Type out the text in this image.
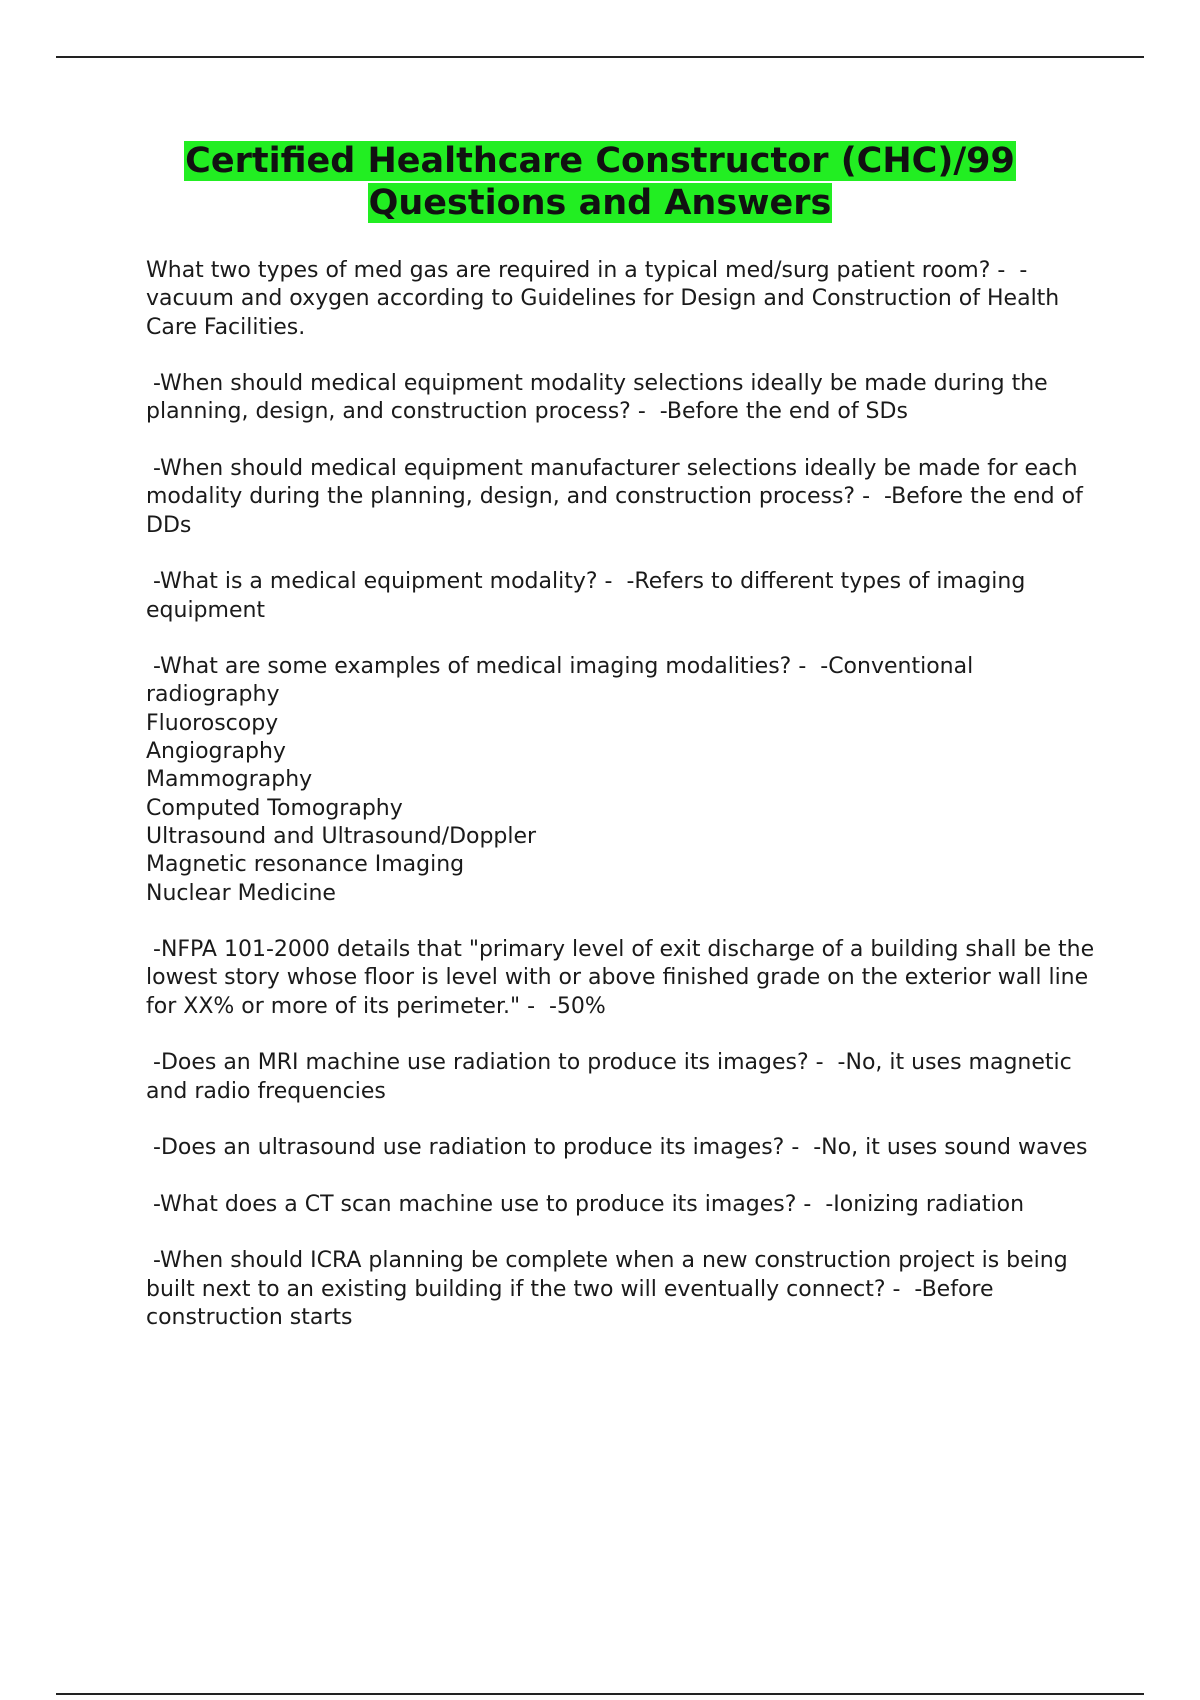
Certified Healthcare Constructor (CHC)/99
Questions and Answers

What two types of med gas are required in a typical med/surg patient room? -  -vacuum and oxygen according to Guidelines for Design and Construction of Health Care Facilities.

-When should medical equipment modality selections ideally be made during the planning, design, and construction process? -  -Before the end of SDs

-When should medical equipment manufacturer selections ideally be made for each modality during the planning, design, and construction process? -  -Before the end of DDs

-What is a medical equipment modality? -  -Refers to different types of imaging equipment

-What are some examples of medical imaging modalities? -  -Conventional radiography
Fluoroscopy
Angiography
Mammography
Computed Tomography
Ultrasound and Ultrasound/Doppler
Magnetic resonance Imaging
Nuclear Medicine

-NFPA 101-2000 details that "primary level of exit discharge of a building shall be the lowest story whose floor is level with or above finished grade on the exterior wall line for XX% or more of its perimeter." -  -50%

-Does an MRI machine use radiation to produce its images? -  -No, it uses magnetic and radio frequencies

-Does an ultrasound use radiation to produce its images? -  -No, it uses sound waves

-What does a CT scan machine use to produce its images? -  -Ionizing radiation

-When should ICRA planning be complete when a new construction project is being built next to an existing building if the two will eventually connect? -  -Before construction starts
